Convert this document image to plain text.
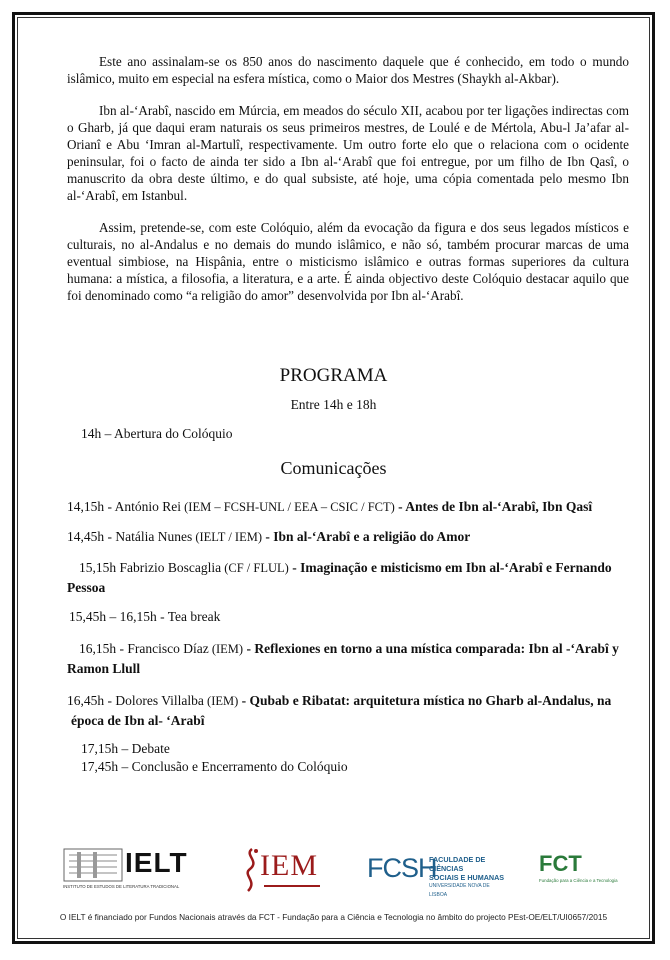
Este ano assinalam-se os 850 anos do nascimento daquele que é conhecido, em todo o mundo islâmico, muito em especial na esfera mística, como o Maior dos Mestres (Shaykh al-Akbar).

Ibn al-‘Arabî, nascido em Múrcia, em meados do século XII, acabou por ter ligações indirectas com o Gharb, já que daqui eram naturais os seus primeiros mestres, de Loulé e de Mértola, Abu-l Ja’afar al-Orianî e Abu ‘Imran al-Martulî, respectivamente. Um outro forte elo que o relaciona com o ocidente peninsular, foi o facto de ainda ter sido a Ibn al-‘Arabî que foi entregue, por um filho de Ibn Qasî, o manuscrito da obra deste último, e do qual subsiste, até hoje, uma cópia comentada pelo mesmo Ibn al-‘Arabî, em Istanbul.

Assim, pretende-se, com este Colóquio, além da evocação da figura e dos seus legados místicos e culturais, no al-Andalus e no demais do mundo islâmico, e não só, também procurar marcas de uma eventual simbiose, na Hispânia, entre o misticismo islâmico e outras formas superiores da cultura humana: a mística, a filosofia, a literatura, e a arte. É ainda objectivo deste Colóquio destacar aquilo que foi denominado como “a religião do amor” desenvolvida por Ibn al-‘Arabî.

PROGRAMA
Entre 14h e 18h
14h – Abertura do Colóquio
Comunicações
14,15h - António Rei (IEM – FCSH-UNL / EEA – CSIC / FCT) - Antes de Ibn al-‘Arabî, Ibn Qasî
14,45h - Natália Nunes (IELT / IEM) - Ibn al-‘Arabî e a religião do Amor
15,15h Fabrizio Boscaglia (CF / FLUL) - Imaginação e misticismo em Ibn al-‘Arabî e Fernando Pessoa
15,45h – 16,15h - Tea break
16,15h - Francisco Díaz (IEM) - Reflexiones en torno a una mística comparada: Ibn al -‘Arabî y Ramon Llull
16,45h - Dolores Villalba (IEM) - Qubab e Ribatat: arquitetura mística no Gharb al-Andalus, na época de Ibn al- ‘Arabî
17,15h – Debate
17,45h – Conclusão e Encerramento do Colóquio
IELT
INSTITUTO DE ESTUDOS DE LITERATURA TRADICIONAL
IEM FCSH
FACULDADE DE CIÊNCIAS
SOCIAIS E HUMANAS
UNIVERSIDADE NOVA DE LISBOA
FCT
Fundação para a Ciência e a Tecnologia
O IELT é financiado por Fundos Nacionais através da FCT - Fundação para a Ciência e Tecnologia no âmbito do projecto PEst-OE/ELT/UI0657/2015
